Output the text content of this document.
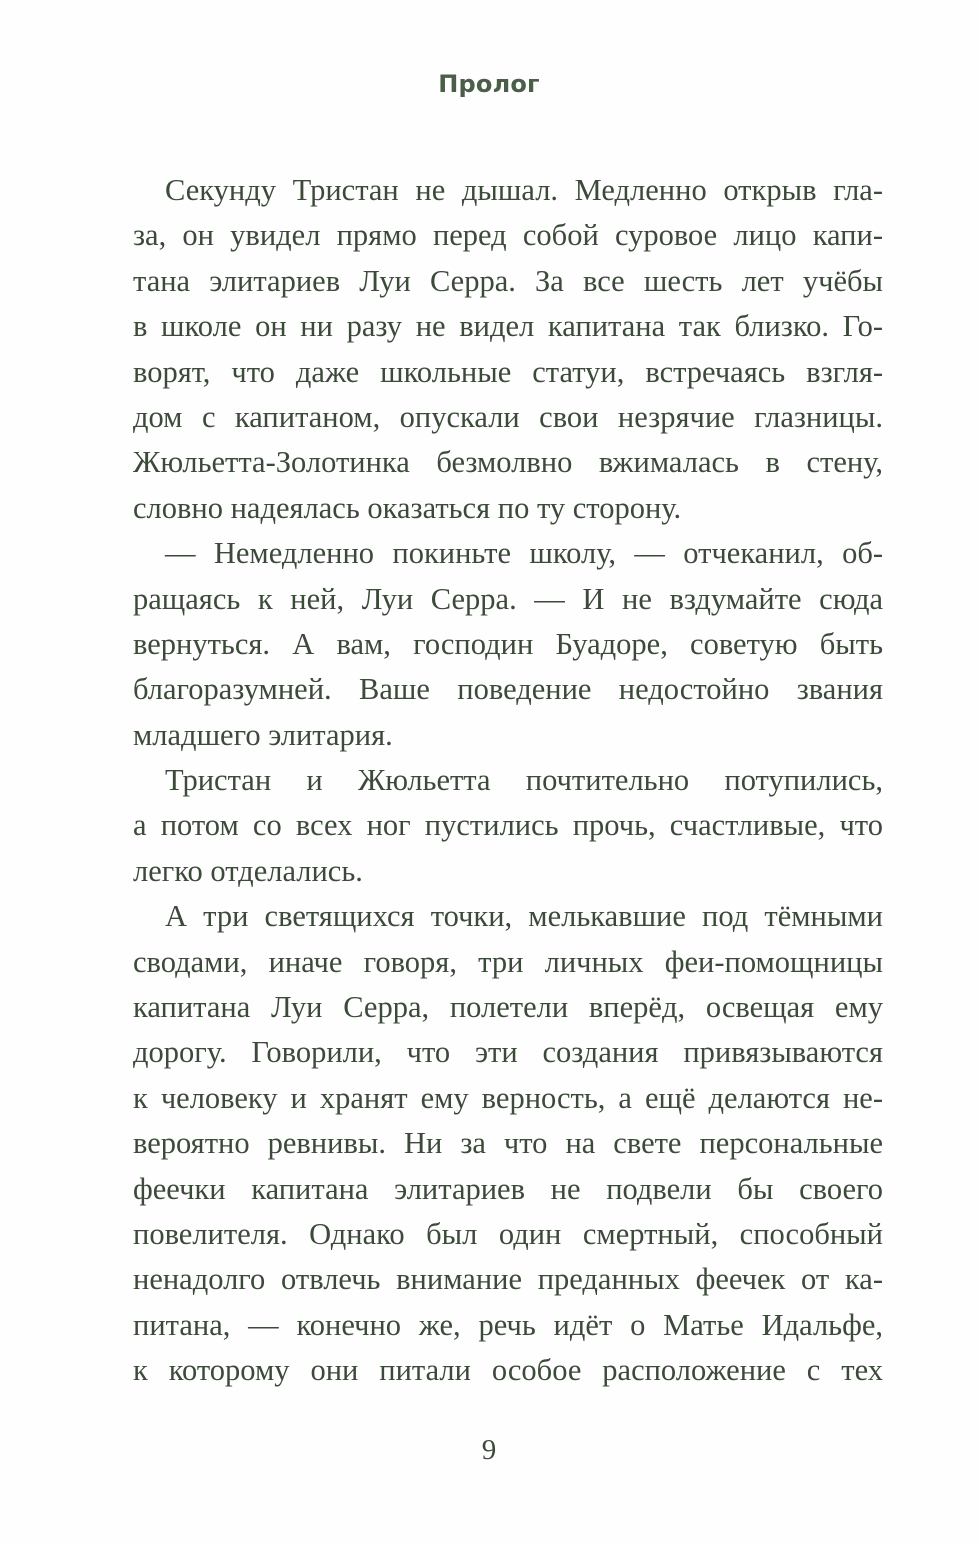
Пролог
Секунду Тристан не дышал. Медленно открыв гла-
за, он увидел прямо перед собой суровое лицо капи-
тана элитариев Луи Серра. За все шесть лет учёбы
в школе он ни разу не видел капитана так близко. Го-
ворят, что даже школьные статуи, встречаясь взгля-
дом с капитаном, опускали свои незрячие глазницы.
Жюльетта-Золотинка безмолвно вжималась в стену,
словно надеялась оказаться по ту сторону.
— Немедленно покиньте школу, — отчеканил, об-
ращаясь к ней, Луи Серра. — И не вздумайте сюда
вернуться. А вам, господин Буадоре, советую быть
благоразумней. Ваше поведение недостойно звания
младшего элитария.
Тристан и Жюльетта почтительно потупились,
а потом со всех ног пустились прочь, счастливые, что
легко отделались.
А три светящихся точки, мелькавшие под тёмными
сводами, иначе говоря, три личных феи-помощницы
капитана Луи Серра, полетели вперёд, освещая ему
дорогу. Говорили, что эти создания привязываются
к человеку и хранят ему верность, а ещё делаются не-
вероятно ревнивы. Ни за что на свете персональные
феечки капитана элитариев не подвели бы своего
повелителя. Однако был один смертный, способный
ненадолго отвлечь внимание преданных феечек от ка-
питана, — конечно же, речь идёт о Матье Идальфе,
к которому они питали особое расположение с тех
9
